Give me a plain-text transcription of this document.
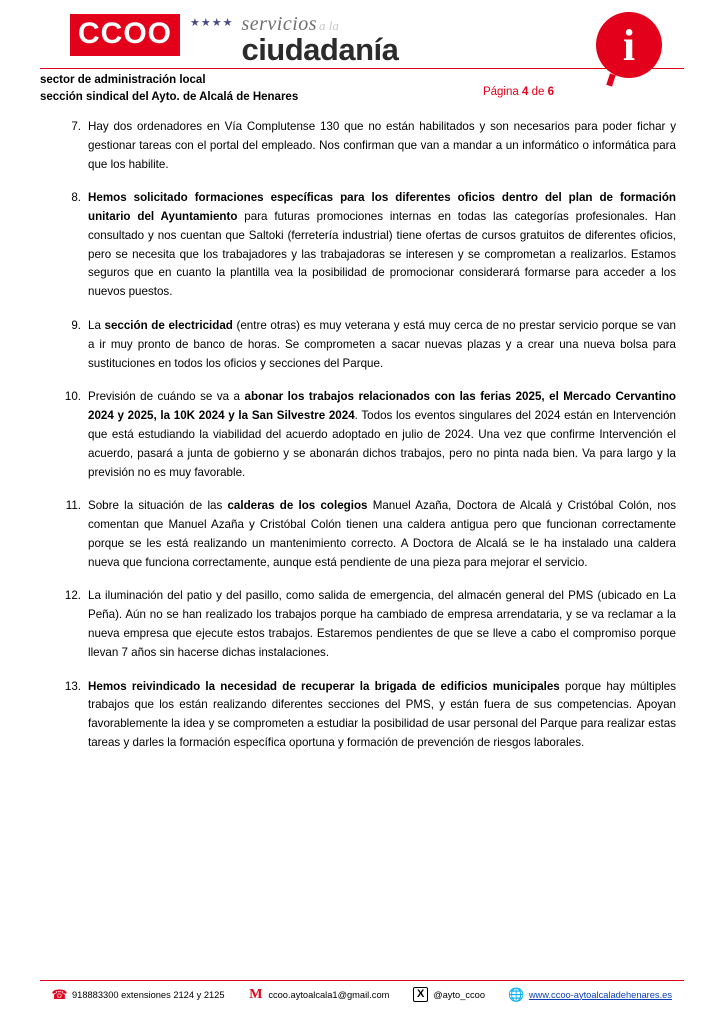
CCOO	★★★★ servicios a la
ciudadanía	i
sector de administración local
sección sindical del Ayto. de Alcalá de Henares	Página 4 de 6
7. Hay dos ordenadores en Vía Complutense 130 que no están habilitados y son necesarios para poder fichar y gestionar tareas con el portal del empleado. Nos confirman que van a mandar a un informático o informática para que los habilite.
8. Hemos solicitado formaciones específicas para los diferentes oficios dentro del plan de formación unitario del Ayuntamiento para futuras promociones internas en todas las categorías profesionales. Han consultado y nos cuentan que Saltoki (ferretería industrial) tiene ofertas de cursos gratuitos de diferentes oficios, pero se necesita que los trabajadores y las trabajadoras se interesen y se comprometan a realizarlos. Estamos seguros que en cuanto la plantilla vea la posibilidad de promocionar considerará formarse para acceder a los nuevos puestos.
9. La sección de electricidad (entre otras) es muy veterana y está muy cerca de no prestar servicio porque se van a ir muy pronto de banco de horas. Se comprometen a sacar nuevas plazas y a crear una nueva bolsa para sustituciones en todos los oficios y secciones del Parque.
10. Previsión de cuándo se va a abonar los trabajos relacionados con las ferias 2025, el Mercado Cervantino 2024 y 2025, la 10K 2024 y la San Silvestre 2024. Todos los eventos singulares del 2024 están en Intervención que está estudiando la viabilidad del acuerdo adoptado en julio de 2024. Una vez que confirme Intervención el acuerdo, pasará a junta de gobierno y se abonarán dichos trabajos, pero no pinta nada bien. Va para largo y la previsión no es muy favorable.
11. Sobre la situación de las calderas de los colegios Manuel Azaña, Doctora de Alcalá y Cristóbal Colón, nos comentan que Manuel Azaña y Cristóbal Colón tienen una caldera antigua pero que funcionan correctamente porque se les está realizando un mantenimiento correcto. A Doctora de Alcalá se le ha instalado una caldera nueva que funciona correctamente, aunque está pendiente de una pieza para mejorar el servicio.
12. La iluminación del patio y del pasillo, como salida de emergencia, del almacén general del PMS (ubicado en La Peña). Aún no se han realizado los trabajos porque ha cambiado de empresa arrendataria, y se va reclamar a la nueva empresa que ejecute estos trabajos. Estaremos pendientes de que se lleve a cabo el compromiso porque llevan 7 años sin hacerse dichas instalaciones.
13. Hemos reivindicado la necesidad de recuperar la brigada de edificios municipales porque hay múltiples trabajos que los están realizando diferentes secciones del PMS, y están fuera de sus competencias. Apoyan favorablemente la idea y se comprometen a estudiar la posibilidad de usar personal del Parque para realizar estas tareas y darles la formación específica oportuna y formación de prevención de riesgos laborales.
☎ 918883300 extensiones 2124 y 2125 M ccoo.aytoalcala1@gmail.com	X @ayto_ccoo 🌐 www.ccoo-aytoalcaladehenares.es
